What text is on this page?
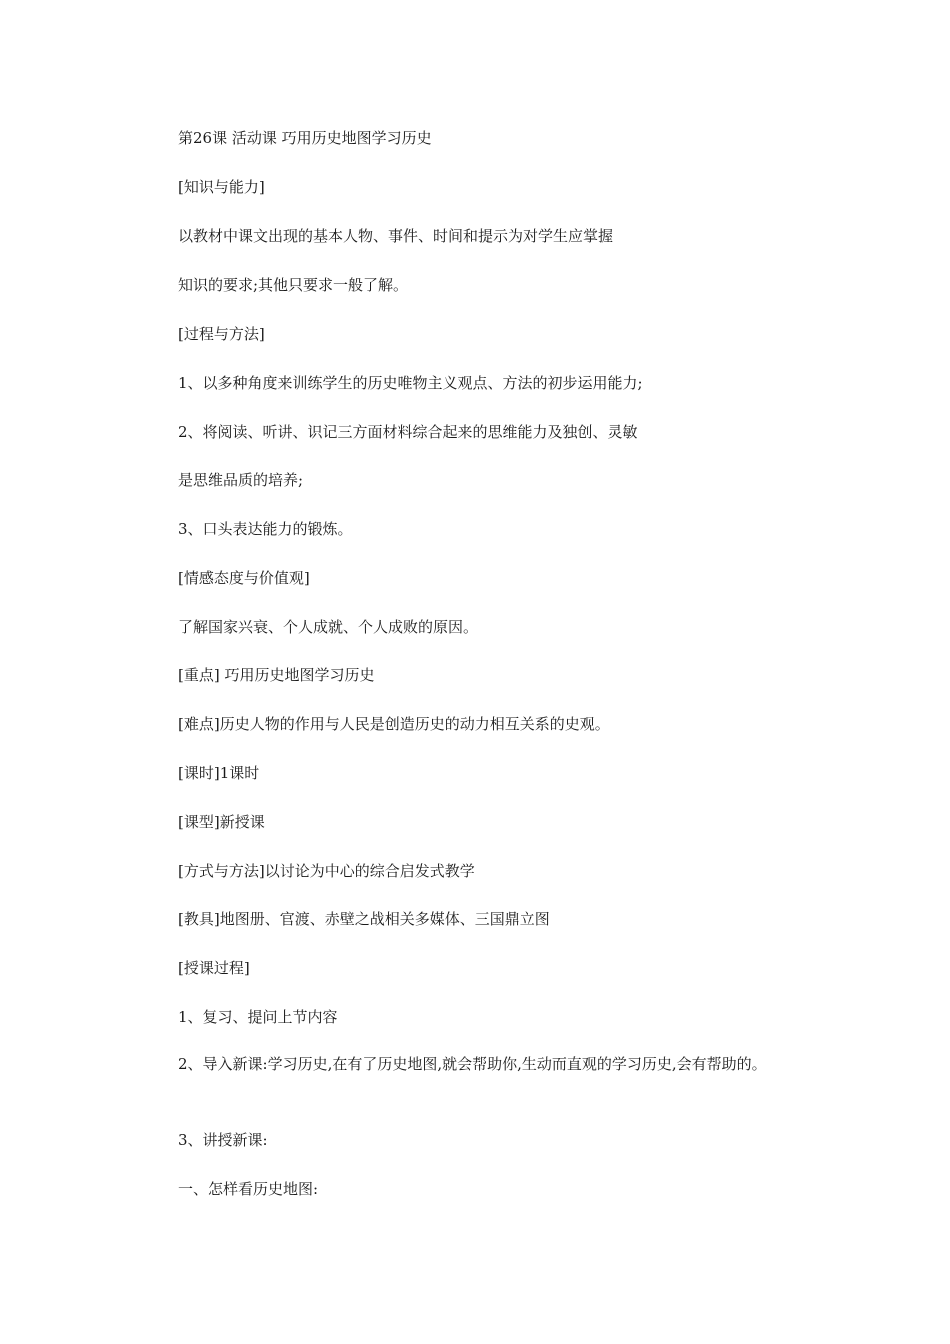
第26课 活动课 巧用历史地图学习历史

[知识与能力]

以教材中课文出现的基本人物、事件、时间和提示为对学生应掌握

知识的要求;其他只要求一般了解。

[过程与方法]

1、以多种角度来训练学生的历史唯物主义观点、方法的初步运用能力;

2、将阅读、听讲、识记三方面材料综合起来的思维能力及独创、灵敏

是思维品质的培养;

3、口头表达能力的锻炼。

[情感态度与价值观]

了解国家兴衰、个人成就、个人成败的原因。

[重点] 巧用历史地图学习历史

[难点]历史人物的作用与人民是创造历史的动力相互关系的史观。

[课时]1课时

[课型]新授课

[方式与方法]以讨论为中心的综合启发式教学

[教具]地图册、官渡、赤壁之战相关多媒体、三国鼎立图

[授课过程]

1、复习、提问上节内容

2、导入新课:学习历史,在有了历史地图,就会帮助你,生动而直观的学习历史,会有帮助的。

3、讲授新课:

一、怎样看历史地图:
